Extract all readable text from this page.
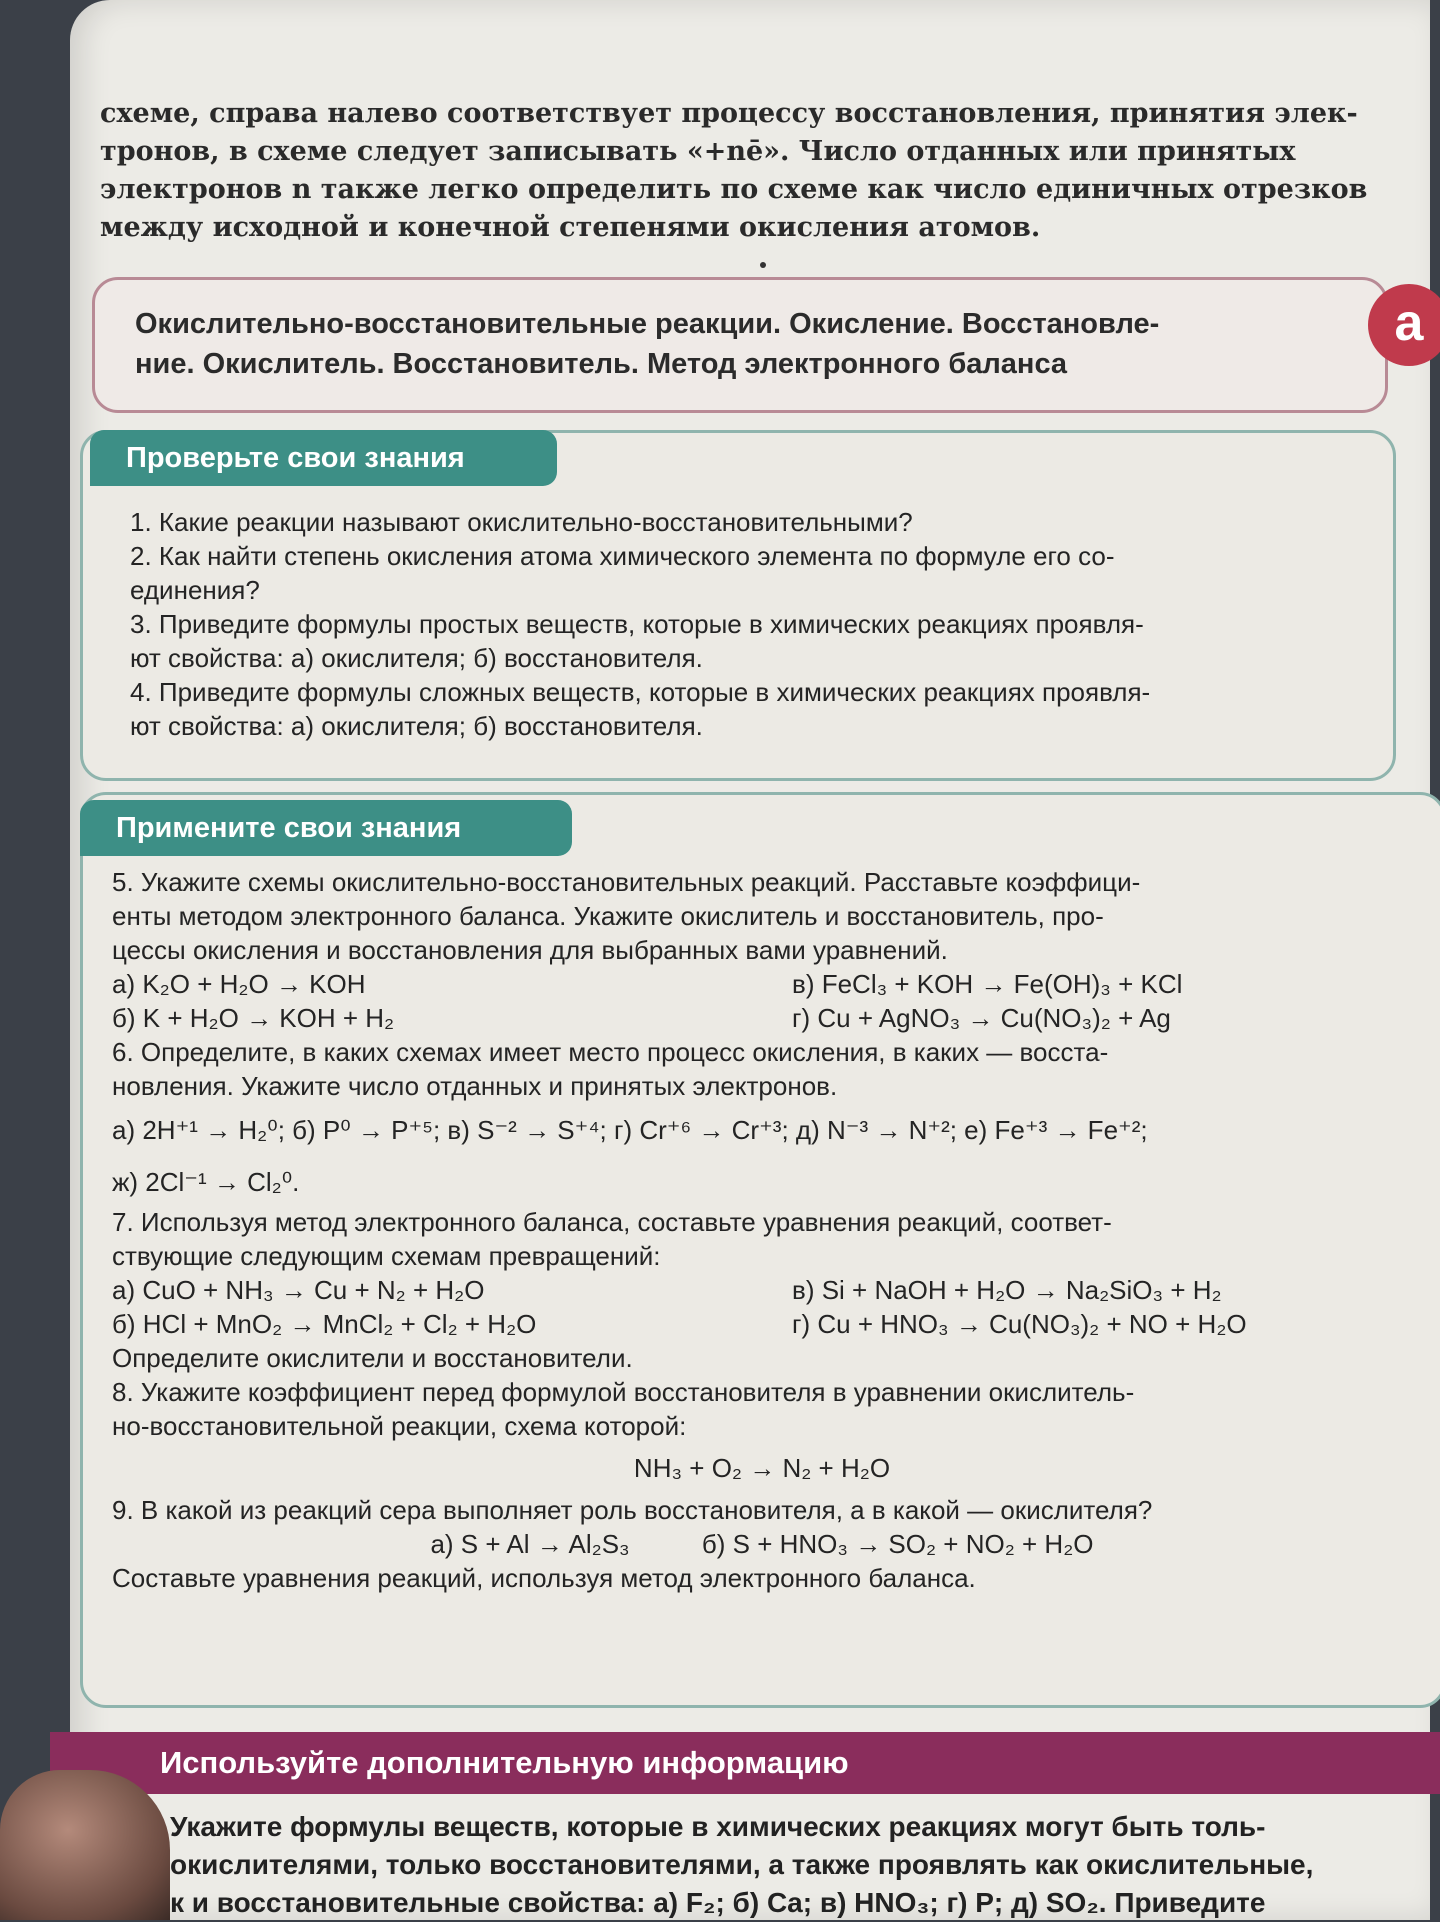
схеме, справа налево соответствует процессу восстановления, принятия элек-

тронов, в схеме следует записывать «+nē». Число отданных или принятых

электронов n также легко определить по схеме как число единичных отрезков

между исходной и конечной степенями окисления атомов.

Окислительно-восстановительные реакции. Окисление. Восстановле-
ние. Окислитель. Восстановитель. Метод электронного баланса
а
Проверьте свои знания

1. Какие реакции называют окислительно-восстановительными?

2. Как найти степень окисления атома химического элемента по формуле его со-

единения?

3. Приведите формулы простых веществ, которые в химических реакциях проявля-

ют свойства: а) окислителя; б) восстановителя.

4. Приведите формулы сложных веществ, которые в химических реакциях проявля-

ют свойства: а) окислителя; б) восстановителя.

Примените свои знания

5. Укажите схемы окислительно-восстановительных реакций. Расставьте коэффици-

енты методом электронного баланса. Укажите окислитель и восстановитель, про-

цессы окисления и восстановления для выбранных вами уравнений.

а) K₂O + H₂O → KOH	в) FeCl₃ + KOH → Fe(OH)₃ + KCl
б) K + H₂O → KOH + H₂	г) Cu + AgNO₃ → Cu(NO₃)₂ + Ag

6. Определите, в каких схемах имеет место процесс окисления, в каких — восста-

новления. Укажите число отданных и принятых электронов.

а) 2H⁺¹ → H₂⁰; б) P⁰ → P⁺⁵; в) S⁻² → S⁺⁴; г) Cr⁺⁶ → Cr⁺³; д) N⁻³ → N⁺²; е) Fe⁺³ → Fe⁺²;

ж) 2Cl⁻¹ → Cl₂⁰.

7. Используя метод электронного баланса, составьте уравнения реакций, соответ-

ствующие следующим схемам превращений:

а) CuO + NH₃ → Cu + N₂ + H₂O	в) Si + NaOH + H₂O → Na₂SiO₃ + H₂
б) HCl + MnO₂ → MnCl₂ + Cl₂ + H₂O	г) Cu + HNO₃ → Cu(NO₃)₂ + NO + H₂O

Определите окислители и восстановители.

8. Укажите коэффициент перед формулой восстановителя в уравнении окислитель-

но-восстановительной реакции, схема которой:

NH₃ + O₂ → N₂ + H₂O

9. В какой из реакций сера выполняет роль восстановителя, а в какой — окислителя?

а) S + Al → Al₂S₃          б) S + HNO₃ → SO₂ + NO₂ + H₂O

Составьте уравнения реакций, используя метод электронного баланса.

Используйте дополнительную информацию
Укажите формулы веществ, которые в химических реакциях могут быть толь-
окислителями, только восстановителями, а также проявлять как окислительные,
к и восстановительные свойства: а) F₂; б) Ca; в) HNO₃; г) P; д) SO₂. Приведите
